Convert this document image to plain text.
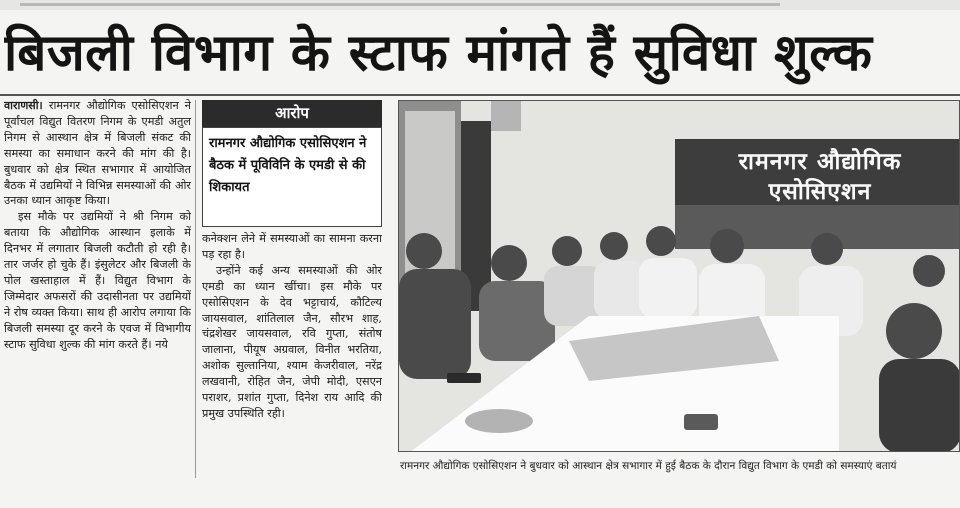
बिजली विभाग के स्टाफ मांगते हैं सुविधा शुल्क

वाराणसी। रामनगर औद्योगिक एसोसिएशन ने पूर्वांचल विद्युत वितरण निगम के एमडी अतुल निगम से आस्थान क्षेत्र में बिजली संकट की समस्या का समाधान करने की मांग की है। बुधवार को क्षेत्र स्थित सभागार में आयोजित बैठक में उद्यमियों ने विभिन्न समस्याओं की ओर उनका ध्यान आकृष्ट किया।

इस मौके पर उद्यमियों ने श्री निगम को बताया कि औद्योगिक आस्थान इलाके में दिनभर में लगातार बिजली कटौती हो रही है। तार जर्जर हो चुके हैं। इंसुलेटर और बिजली के पोल खस्ताहाल में हैं। विद्युत विभाग के जिम्मेदार अफसरों की उदासीनता पर उद्यमियों ने रोष व्यक्त किया। साथ ही आरोप लगाया कि बिजली समस्या दूर करने के एवज में विभागीय स्टाफ सुविधा शुल्क की मांग करते हैं। नये

आरोप
रामनगर औद्योगिक एसोसिएशन ने बैठक में पूविविनि के एमडी से की शिकायत

कनेक्शन लेने में समस्याओं का सामना करना पड़ रहा है।

उन्होंने कई अन्य समस्याओं की ओर एमडी का ध्यान खींचा। इस मौके पर एसोसिएशन के देव भट्टाचार्य, कौटिल्य जायसवाल, शांतिलाल जैन, सौरभ शाह, चंद्रशेखर जायसवाल, रवि गुप्ता, संतोष जालाना, पीयूष अग्रवाल, विनीत भरतिया, अशोक सुल्तानिया, श्याम केजरीवाल, नरेंद्र लखवानी, रोहित जैन, जेपी मोदी, एसएन पराशर, प्रशांत गुप्ता, दिनेश राय आदि की प्रमुख उपस्थिति रही।

रामनगर औद्योगिक एसोसिएशन
रामनगर औद्योगिक एसोसिएशन ने बुधवार को आस्थान क्षेत्र सभागार में हुई बैठक के दौरान विद्युत विभाग के एमडी को समस्याएं बतायं
